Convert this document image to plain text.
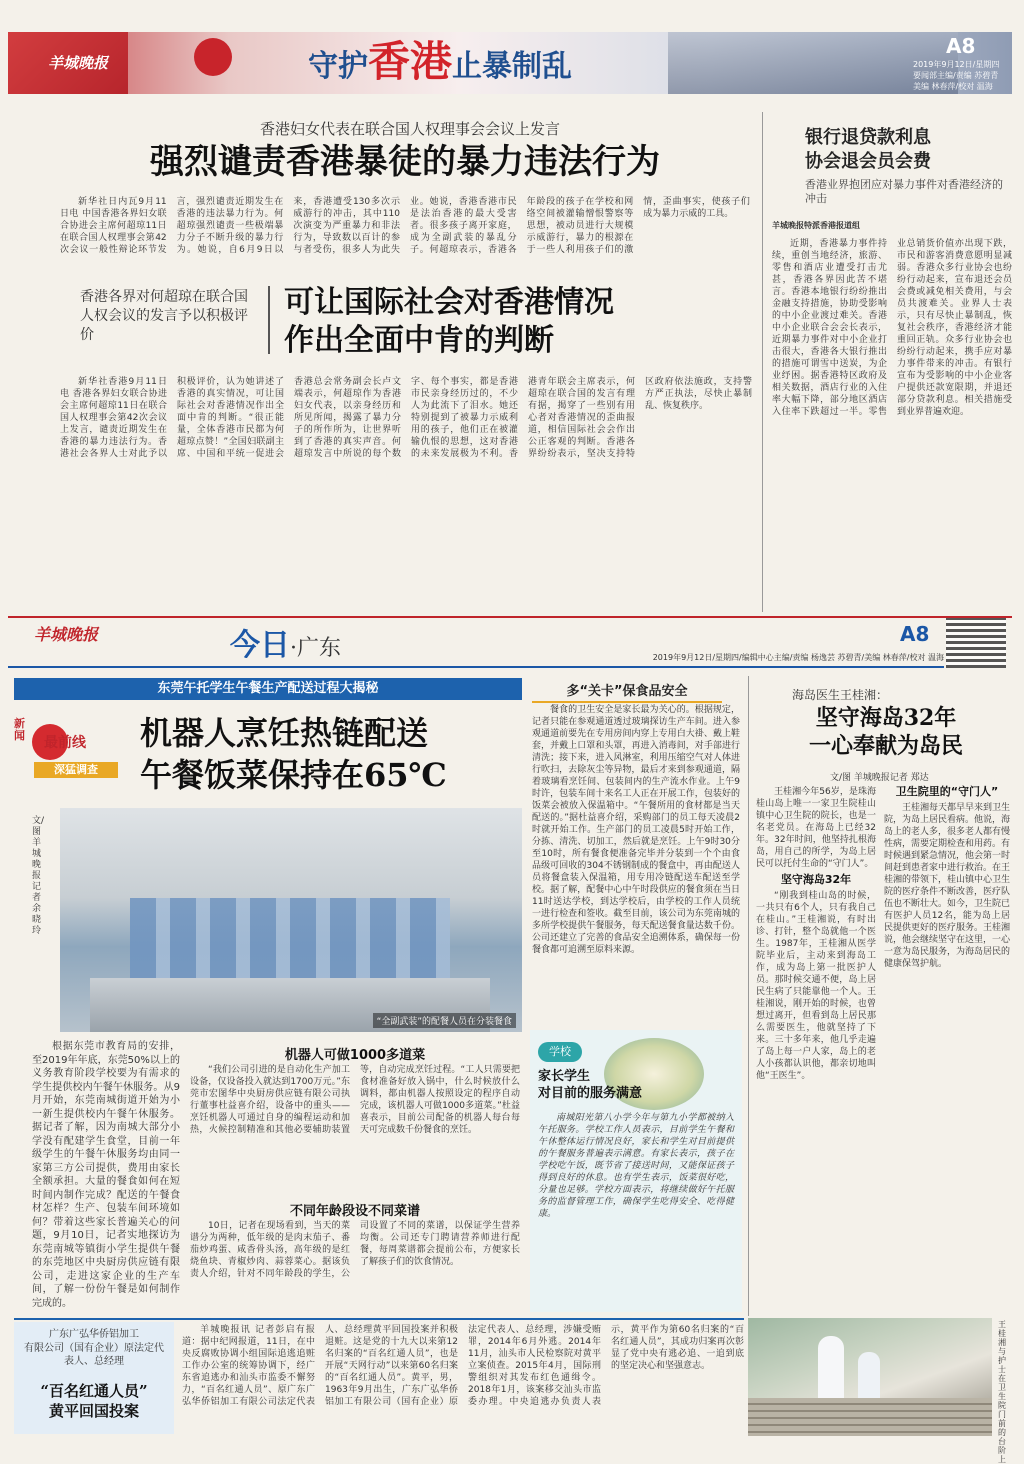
羊城晚报	守护香港止暴制乱
A8
2019年9月12日/星期四
要闻部主编/责编 苏碧青
美编 林春萍/校对 温海
香港妇女代表在联合国人权理事会会议上发言
强烈谴责香港暴徒的暴力违法行为

新华社日内瓦9月11日电 中国香港各界妇女联合协进会主席何超琼11日在联合国人权理事会第42次会议一般性辩论环节发言，强烈谴责近期发生在香港的违法暴力行为。何超琼强烈谴责一些极端暴力分子不断升级的暴力行为。她说，自6月9日以来，香港遭受130多次示威游行的冲击，其中110次演变为严重暴力和非法行为，导致数以百计的参与者受伤，很多人为此失业。她说，香港香港市民是法治香港的最大受害者。很多孩子离开家庭，成为全副武装的暴乱分子。何超琼表示，香港各年龄段的孩子在学校和网络空间被灌输憎恨警察等思想，被动员进行大规模示威游行，暴力的根源在于一些人利用孩子们的激情，歪曲事实，使孩子们成为暴力示威的工具。

银行退贷款利息
协会退会员会费
香港业界抱团应对暴力事件对香港经济的冲击
羊城晚报特派香港报道组

近期，香港暴力事件持续，重创当地经济，旅游、零售和酒店业遭受打击尤甚，香港各界因此苦不堪言。香港本地银行纷纷推出金融支持措施，协助受影响的中小企业渡过难关。香港中小企业联合会会长表示，近期暴力事件对中小企业打击很大，香港各大银行推出的措施可谓雪中送炭，为企业纾困。据香港特区政府及相关数据，酒店行业的入住率大幅下降，部分地区酒店入住率下跌超过一半。零售业总销货价值亦出现下跌，市民和游客消费意愿明显减弱。香港众多行业协会也纷纷行动起来，宣布退还会员会费或减免相关费用，与会员共渡难关。业界人士表示，只有尽快止暴制乱，恢复社会秩序，香港经济才能重回正轨。众多行业协会也纷纷行动起来，携手应对暴力事件带来的冲击。有银行宣布为受影响的中小企业客户提供还款宽限期，并退还部分贷款利息。相关措施受到业界普遍欢迎。

香港各界对何超琼在联合国人权会议的发言予以积极评价
可让国际社会对香港情况
作出全面中肯的判断

新华社香港9月11日电 香港各界妇女联合协进会主席何超琼11日在联合国人权理事会第42次会议上发言，谴责近期发生在香港的暴力违法行为。香港社会各界人士对此予以积极评价，认为她讲述了香港的真实情况，可让国际社会对香港情况作出全面中肯的判断。“很正能量，全体香港市民都为何超琼点赞！”全国妇联副主席、中国和平统一促进会香港总会常务副会长卢文端表示，何超琼作为香港妇女代表，以亲身经历和所见所闻，揭露了暴力分子的所作所为，让世界听到了香港的真实声音。何超琼发言中所说的每个数字、每个事实，都是香港市民亲身经历过的，不少人为此流下了泪水。她还特别提到了被暴力示威利用的孩子，他们正在被灌输仇恨的思想，这对香港的未来发展极为不利。香港青年联会主席表示，何超琼在联合国的发言有理有据，揭穿了一些别有用心者对香港情况的歪曲报道，相信国际社会会作出公正客观的判断。香港各界纷纷表示，坚决支持特区政府依法施政，支持警方严正执法，尽快止暴制乱、恢复秩序。

羊城晚报	今日·广东
A8
2019年9月12日/星期四/编辑中心主编/责编 杨逸芸 苏碧青/美编 林春萍/校对 温海
东莞午托学生午餐生产配送过程大揭秘
新闻 最前线
深猛调查
机器人烹饪热链配送
午餐饭菜保持在65℃
文/图 羊城晚报记者 余晓玲
“全副武装”的配餐人员在分装餐食

根据东莞市教育局的安排，至2019年年底，东莞50%以上的义务教育阶段学校要为有需求的学生提供校内午餐午休服务。从9月开始，东莞南城街道开始为小一新生提供校内午餐午休服务。据记者了解，因为南城大部分小学没有配建学生食堂，目前一年级学生的午餐午休服务均由同一家第三方公司提供，费用由家长全额承担。大量的餐食如何在短时间内制作完成？配送的午餐食材怎样？生产、包装车间环境如何？带着这些家长普遍关心的问题，9月10日，记者实地探访为东莞南城等镇街小学生提供午餐的东莞地区中央厨房供应链有限公司，走进这家企业的生产车间，了解一份份午餐是如何制作完成的。

机器人可做1000多道菜

“我们公司引进的是自动化生产加工设备，仅设备投入就达到1700万元。”东莞市宏图华中央厨房供应链有限公司执行董事杜益喜介绍，设备中的重头——烹饪机器人可通过自身的编程运动和加热，火候控制精准和其他必要辅助装置等，自动完成烹饪过程。“工人只需要把食材准备好放入锅中，什么时候放什么调料，都由机器人按照设定的程序自动完成，该机器人可做1000多道菜。”杜益喜表示，目前公司配备的机器人每台每天可完成数千份餐食的烹饪。

不同年龄段设不同菜谱

10日，记者在现场看到，当天的菜谱分为两种，低年级的是肉末茄子、番茄炒鸡蛋、咸香骨头汤，高年级的是红烧鱼块、青椒炒肉、蒜蓉菜心。据该负责人介绍，针对不同年龄段的学生，公司设置了不同的菜谱，以保证学生营养均衡。公司还专门聘请营养师进行配餐，每周菜谱都会提前公布，方便家长了解孩子们的饮食情况。

多“关卡”保食品安全

餐食的卫生安全是家长最为关心的。根据规定，记者只能在参观通道透过玻璃探访生产车间。进入参观通道前要先在专用房间内穿上专用白大褂、戴上鞋套，并戴上口罩和头罩，再进入消毒间，对手部进行清洗；接下来，进入风淋室，利用压缩空气对人体进行吹扫，去除灰尘等异物，最后才来到参观通道，隔着玻璃看烹饪间、包装间内的生产流水作业。上午9时许，包装车间十来名工人正在开展工作，包装好的饭菜会被放入保温箱中。“午餐所用的食材都是当天配送的。”据杜益喜介绍，采购部门的员工每天凌晨2时就开始工作。生产部门的员工凌晨5时开始工作，分拣、清洗、切加工，然后就是烹饪。上午9时30分至10时，所有餐食便准备完毕并分装到一个个由食品级可回收的304不锈钢制成的餐盒中，再由配送人员将餐盒装入保温箱，用专用冷链配送车配送至学校。据了解，配餐中心中午时段供应的餐食须在当日11时送达学校，到达学校后，由学校的工作人员统一进行检查和签收。截至目前，该公司为东莞南城的多所学校提供午餐服务，每天配送餐食量达数千份。公司还建立了完善的食品安全追溯体系，确保每一份餐食都可追溯至原料来源。

学校
家长学生
对目前的服务满意

南城阳光第八小学今年与第九小学都被纳入午托服务。学校工作人员表示，目前学生午餐和午休整体运行情况良好，家长和学生对目前提供的午餐服务普遍表示满意。有家长表示，孩子在学校吃午饭，既节省了接送时间，又能保证孩子得到良好的休息。也有学生表示，饭菜很好吃，分量也足够。学校方面表示，将继续做好午托服务的监督管理工作，确保学生吃得安全、吃得健康。

海岛医生王桂湘：
坚守海岛32年
一心奉献为岛民
文/图 羊城晚报记者 郑达

王桂湘今年56岁，是珠海桂山岛上唯一一家卫生院桂山镇中心卫生院的院长，也是一名老党员。在海岛上已经32年。32年时间，他坚持扎根海岛，用自己的所学，为岛上居民可以托付生命的“守门人”。

坚守海岛32年

“刚我到桂山岛的时候，一共只有6个人，只有我自己在桂山。”王桂湘说，有时出诊、打针，整个岛就他一个医生。1987年，王桂湘从医学院毕业后，主动来到海岛工作，成为岛上第一批医护人员。那时候交通不便，岛上居民生病了只能靠他一个人。王桂湘说，刚开始的时候，也曾想过离开，但看到岛上居民那么需要医生，他就坚持了下来。三十多年来，他几乎走遍了岛上每一户人家，岛上的老人小孩都认识他，都亲切地叫他“王医生”。

卫生院里的“守门人”

王桂湘每天都早早来到卫生院，为岛上居民看病。他说，海岛上的老人多，很多老人都有慢性病，需要定期检查和用药。有时候遇到紧急情况，他会第一时间赶到患者家中进行救治。在王桂湘的带领下，桂山镇中心卫生院的医疗条件不断改善，医疗队伍也不断壮大。如今，卫生院已有医护人员12名，能为岛上居民提供更好的医疗服务。王桂湘说，他会继续坚守在这里，一心一意为岛民服务，为海岛居民的健康保驾护航。

广东广弘华侨铝加工
有限公司（国有企业）原法定代表人、总经理
“百名红通人员”
黄平回国投案

羊城晚报讯 记者彭启有报道：据中纪网报道，11日，在中央反腐败协调小组国际追逃追赃工作办公室的统筹协调下，经广东省追逃办和汕头市监委不懈努力，“百名红通人员”、原广东广弘华侨铝加工有限公司法定代表人、总经理黄平回国投案并积极退赃。这是党的十九大以来第12名归案的“百名红通人员”，也是开展“天网行动”以来第60名归案的“百名红通人员”。黄平，男，1963年9月出生，广东广弘华侨铝加工有限公司（国有企业）原法定代表人、总经理，涉嫌受贿罪，2014年6月外逃。2014年11月，汕头市人民检察院对黄平立案侦查。2015年4月，国际刑警组织对其发布红色通缉令。2018年1月，该案移交汕头市监委办理。中央追逃办负责人表示，黄平作为第60名归案的“百名红通人员”，其成功归案再次彰显了党中央有逃必追、一追到底的坚定决心和坚强意志。

王桂湘与护士在卫生院门前的台阶上
